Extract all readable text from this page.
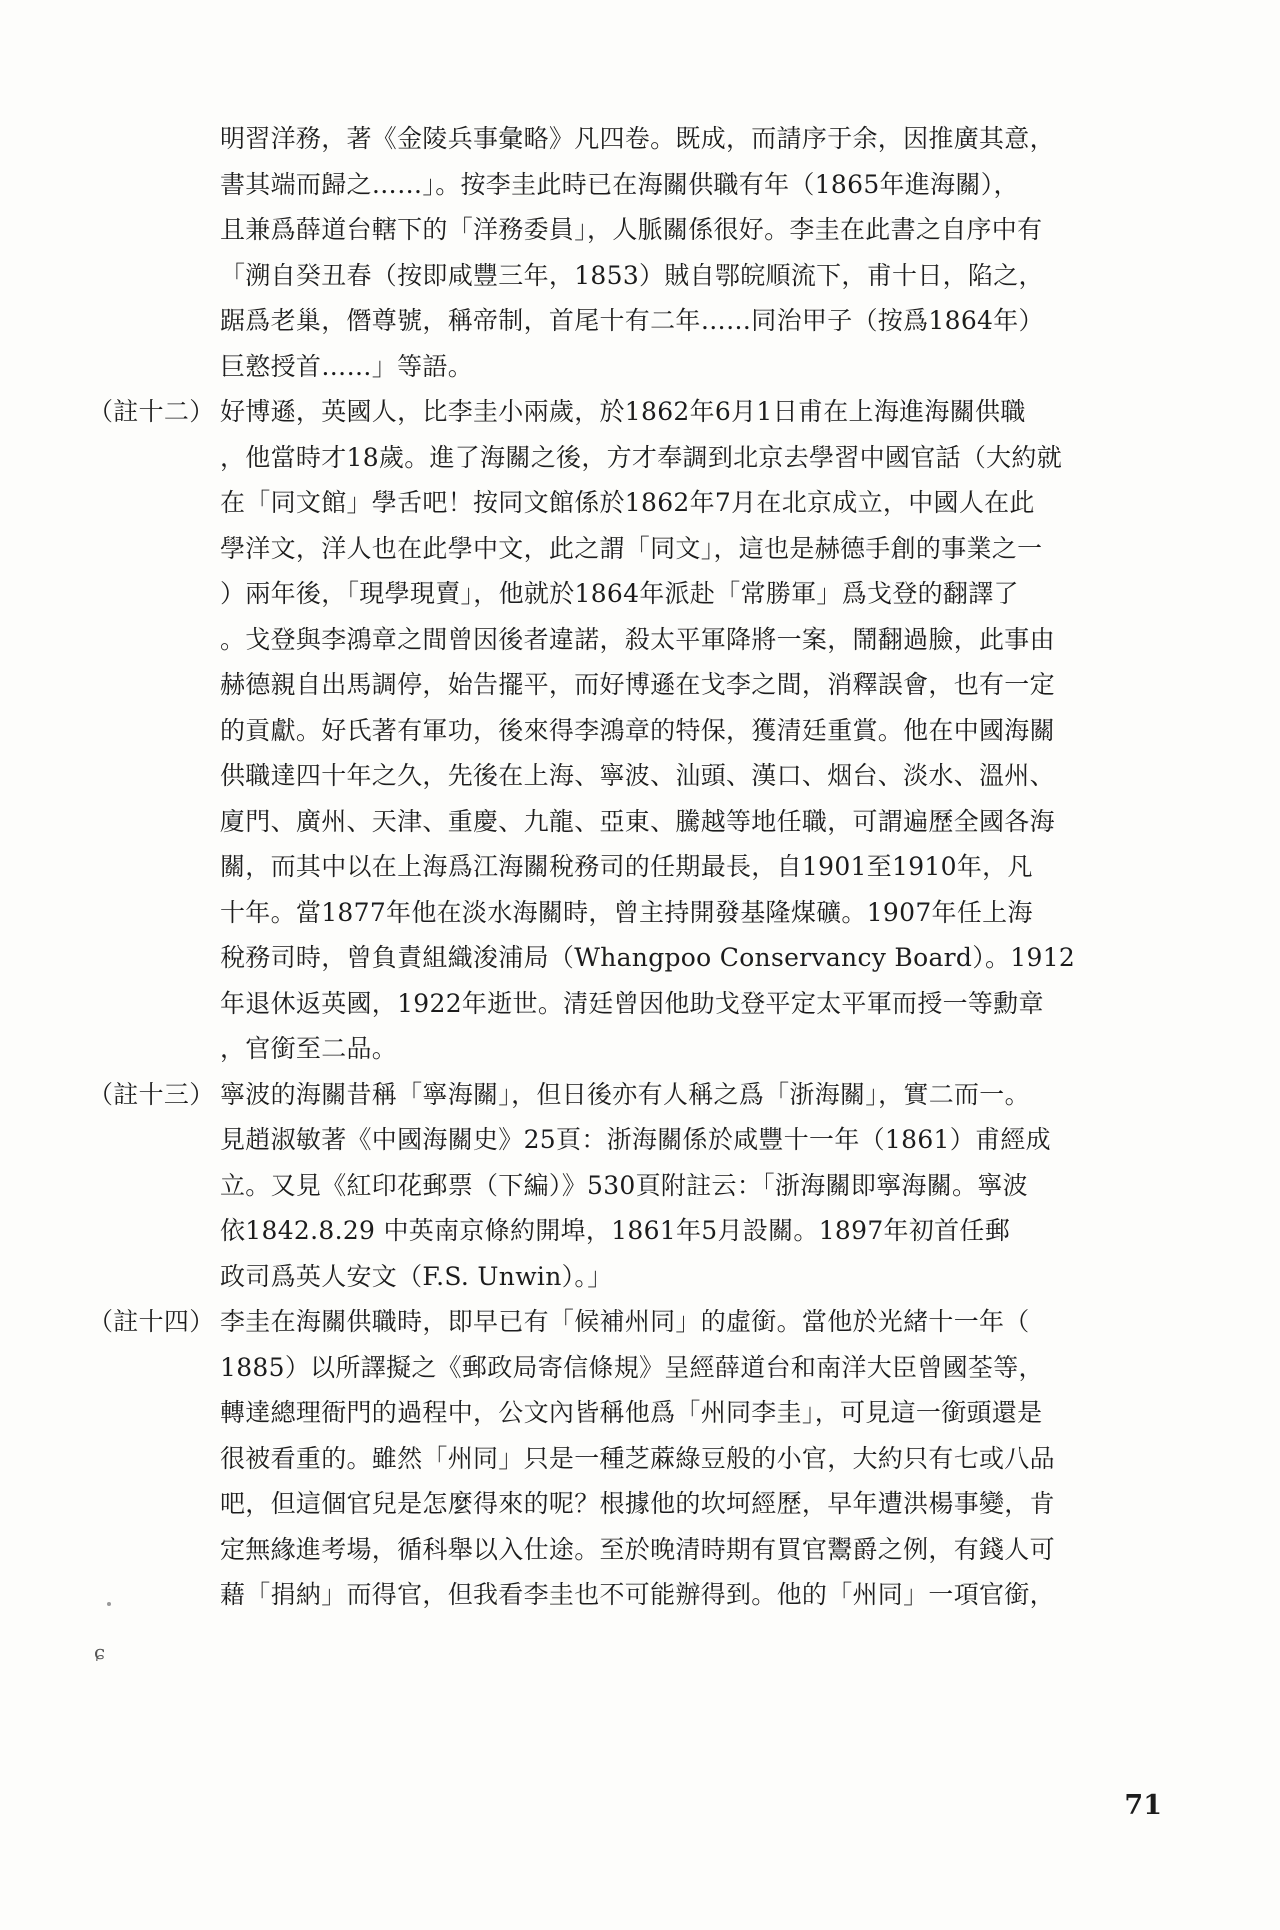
明習洋務，著《金陵兵事彙略》凡四卷。既成，而請序于余，因推廣其意，
書其端而歸之……」。按李圭此時已在海關供職有年（1865年進海關），
且兼爲薛道台轄下的「洋務委員」，人脈關係很好。李圭在此書之自序中有
「溯自癸丑春（按即咸豐三年，1853）賊自鄂皖順流下，甫十日，陷之，
踞爲老巢，僭尊號，稱帝制，首尾十有二年……同治甲子（按爲1864年）
巨憝授首……」等語。
（註十二） 好博遜，英國人，比李圭小兩歲，於1862年6月1日甫在上海進海關供職
，他當時才18歲。進了海關之後，方才奉調到北京去學習中國官話（大約就
在「同文館」學舌吧！按同文館係於1862年7月在北京成立，中國人在此
學洋文，洋人也在此學中文，此之謂「同文」，這也是赫德手創的事業之一
）兩年後，「現學現賣」，他就於1864年派赴「常勝軍」爲戈登的翻譯了
。戈登與李鴻章之間曾因後者違諾，殺太平軍降將一案，鬧翻過臉，此事由
赫德親自出馬調停，始告擺平，而好博遜在戈李之間，消釋誤會，也有一定
的貢獻。好氏著有軍功，後來得李鴻章的特保，獲清廷重賞。他在中國海關
供職達四十年之久，先後在上海、寧波、汕頭、漢口、烟台、淡水、溫州、
廈門、廣州、天津、重慶、九龍、亞東、騰越等地任職，可謂遍歷全國各海
關，而其中以在上海爲江海關稅務司的任期最長，自1901至1910年，凡
十年。當1877年他在淡水海關時，曾主持開發基隆煤礦。1907年任上海
稅務司時，曾負責組織浚浦局（Whangpoo Conservancy Board）。1912
年退休返英國，1922年逝世。清廷曾因他助戈登平定太平軍而授一等勳章
，官銜至二品。
（註十三） 寧波的海關昔稱「寧海關」，但日後亦有人稱之爲「浙海關」，實二而一。
見趙淑敏著《中國海關史》25頁：浙海關係於咸豐十一年（1861）甫經成
立。又見《紅印花郵票（下編）》530頁附註云：「浙海關即寧海關。寧波
依1842.8.29 中英南京條約開埠，1861年5月設關。1897年初首任郵
政司爲英人安文（F.S. Unwin）。」
（註十四） 李圭在海關供職時，即早已有「候補州同」的虛銜。當他於光緒十一年（
1885）以所譯擬之《郵政局寄信條規》呈經薛道台和南洋大臣曾國荃等，
轉達總理衙門的過程中，公文內皆稱他爲「州同李圭」，可見這一銜頭還是
很被看重的。雖然「州同」只是一種芝蔴綠豆般的小官，大約只有七或八品
吧，但這個官兒是怎麼得來的呢？根據他的坎坷經歷，早年遭洪楊事變，肯
定無緣進考場，循科舉以入仕途。至於晚清時期有買官鬻爵之例，有錢人可
藉「捐納」而得官，但我看李圭也不可能辦得到。他的「州同」一項官銜，
ɕ
71
